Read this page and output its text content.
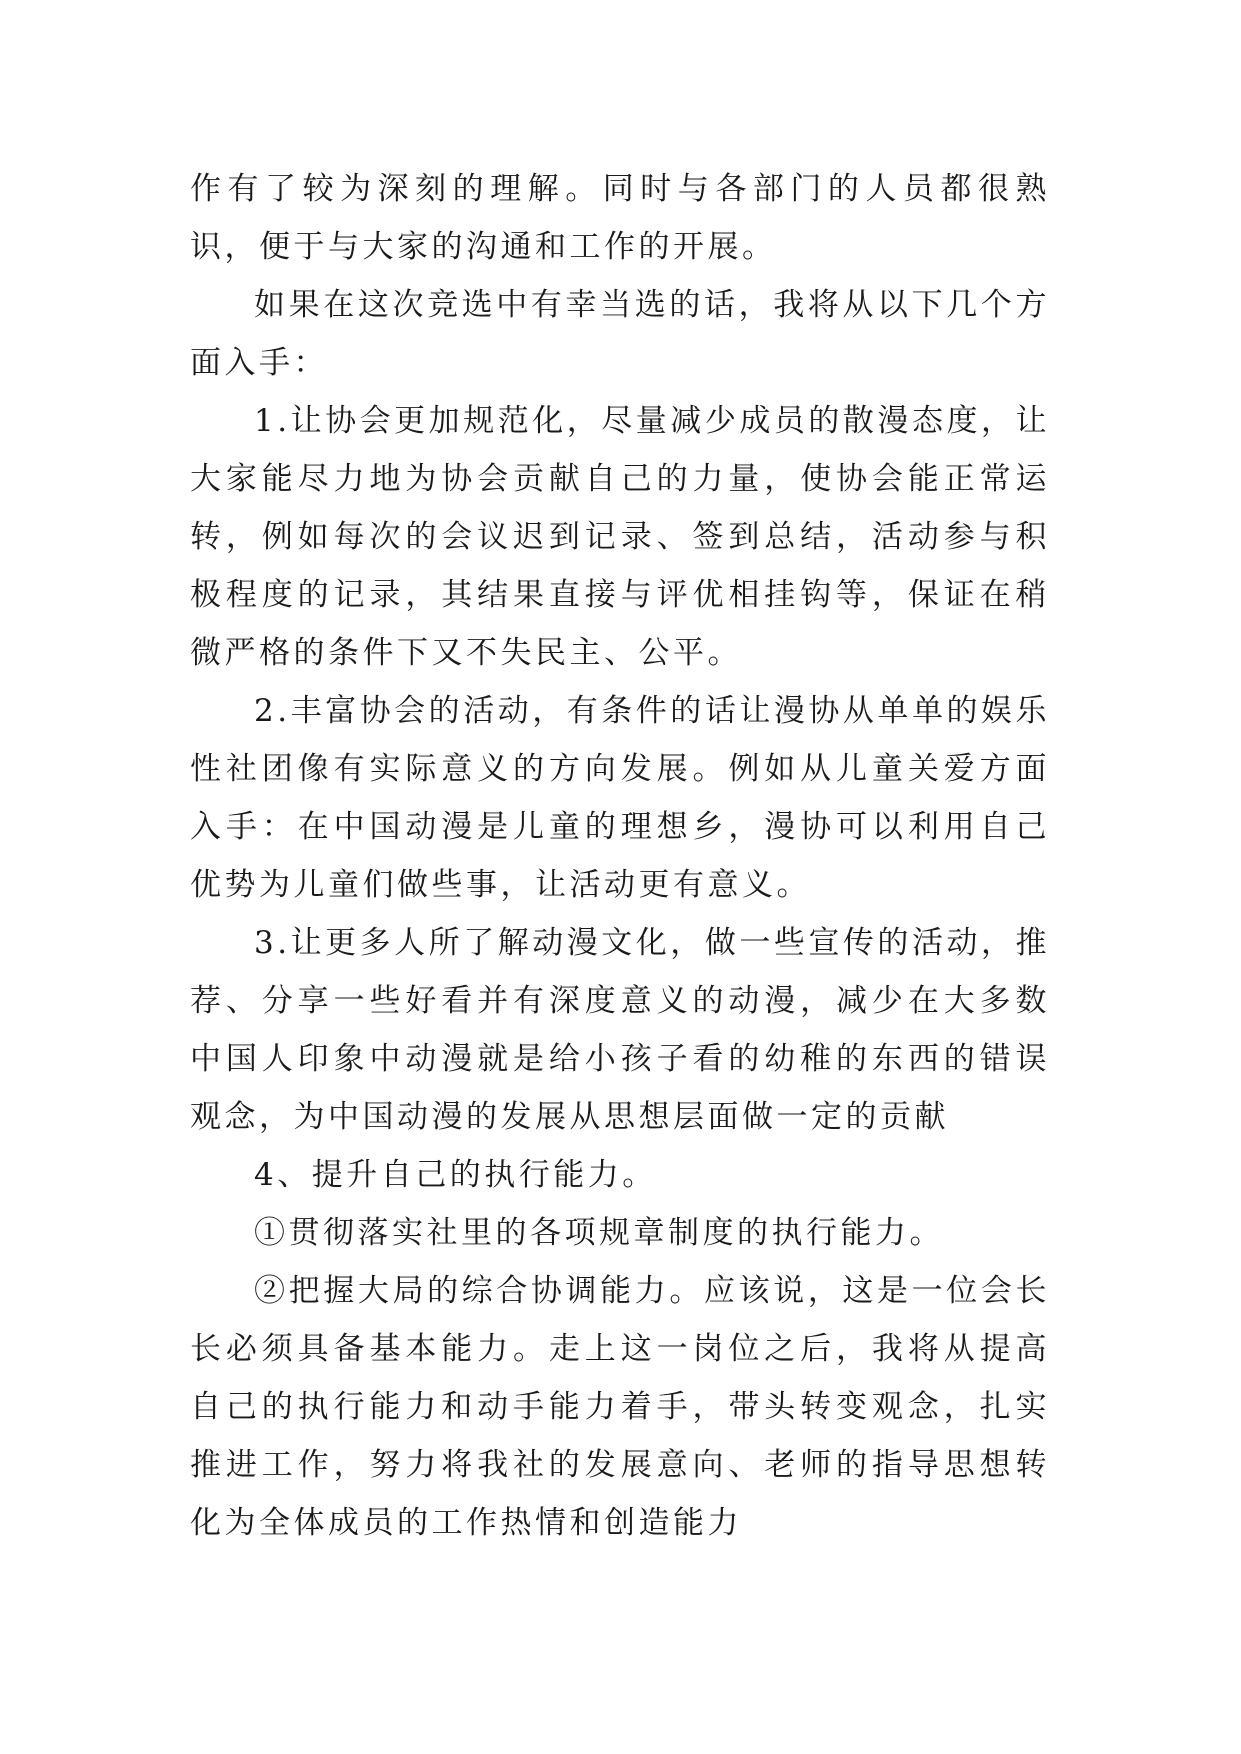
作有了较为深刻的理解。同时与各部门的人员都很熟识，便于与大家的沟通和工作的开展。

如果在这次竞选中有幸当选的话，我将从以下几个方面入手：

1.让协会更加规范化，尽量减少成员的散漫态度，让大家能尽力地为协会贡献自己的力量，使协会能正常运转，例如每次的会议迟到记录、签到总结，活动参与积极程度的记录，其结果直接与评优相挂钩等，保证在稍微严格的条件下又不失民主、公平。

2.丰富协会的活动，有条件的话让漫协从单单的娱乐性社团像有实际意义的方向发展。例如从儿童关爱方面入手：在中国动漫是儿童的理想乡，漫协可以利用自己优势为儿童们做些事，让活动更有意义。

3.让更多人所了解动漫文化，做一些宣传的活动，推荐、分享一些好看并有深度意义的动漫，减少在大多数中国人印象中动漫就是给小孩子看的幼稚的东西的错误观念，为中国动漫的发展从思想层面做一定的贡献

4、提升自己的执行能力。

①贯彻落实社里的各项规章制度的执行能力。

②把握大局的综合协调能力。应该说，这是一位会长长必须具备基本能力。走上这一岗位之后，我将从提高自己的执行能力和动手能力着手，带头转变观念，扎实推进工作，努力将我社的发展意向、老师的指导思想转化为全体成员的工作热情和创造能力
